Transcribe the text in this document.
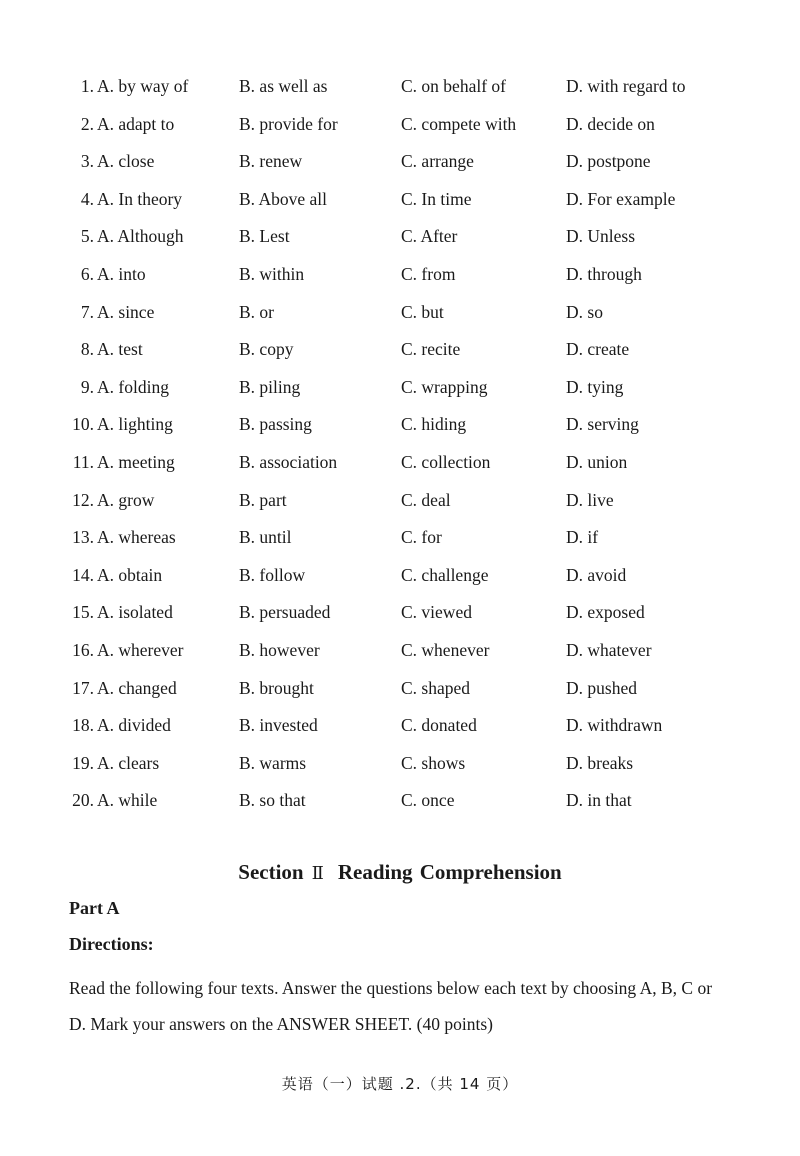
1. A. by way of	B. as well as	C. on behalf of	D. with regard to
2. A. adapt to	B. provide for	C. compete with	D. decide on
3. A. close	B. renew	C. arrange	D. postpone
4. A. In theory	B. Above all	C. In time	D. For example
5. A. Although	B. Lest	C. After	D. Unless
6. A. into	B. within	C. from	D. through
7. A. since	B. or	C. but	D. so
8. A. test	B. copy	C. recite	D. create
9. A. folding	B. piling	C. wrapping	D. tying
10. A. lighting	B. passing	C. hiding	D. serving
11. A. meeting	B. association	C. collection	D. union
12. A. grow	B. part	C. deal	D. live
13. A. whereas	B. until	C. for	D. if
14. A. obtain	B. follow	C. challenge	D. avoid
15. A. isolated	B. persuaded	C. viewed	D. exposed
16. A. wherever	B. however	C. whenever	D. whatever
17. A. changed	B. brought	C. shaped	D. pushed
18. A. divided	B. invested	C. donated	D. withdrawn
19. A. clears	B. warms	C. shows	D. breaks
20. A. while	B. so that	C. once	D. in that
Section Ⅱ Reading Comprehension
Part A
Directions:
Read the following four texts. Answer the questions below each text by choosing A, B, C or D. Mark your answers on the ANSWER SHEET. (40 points)
英语（一）试题 .2.（共 14 页）
